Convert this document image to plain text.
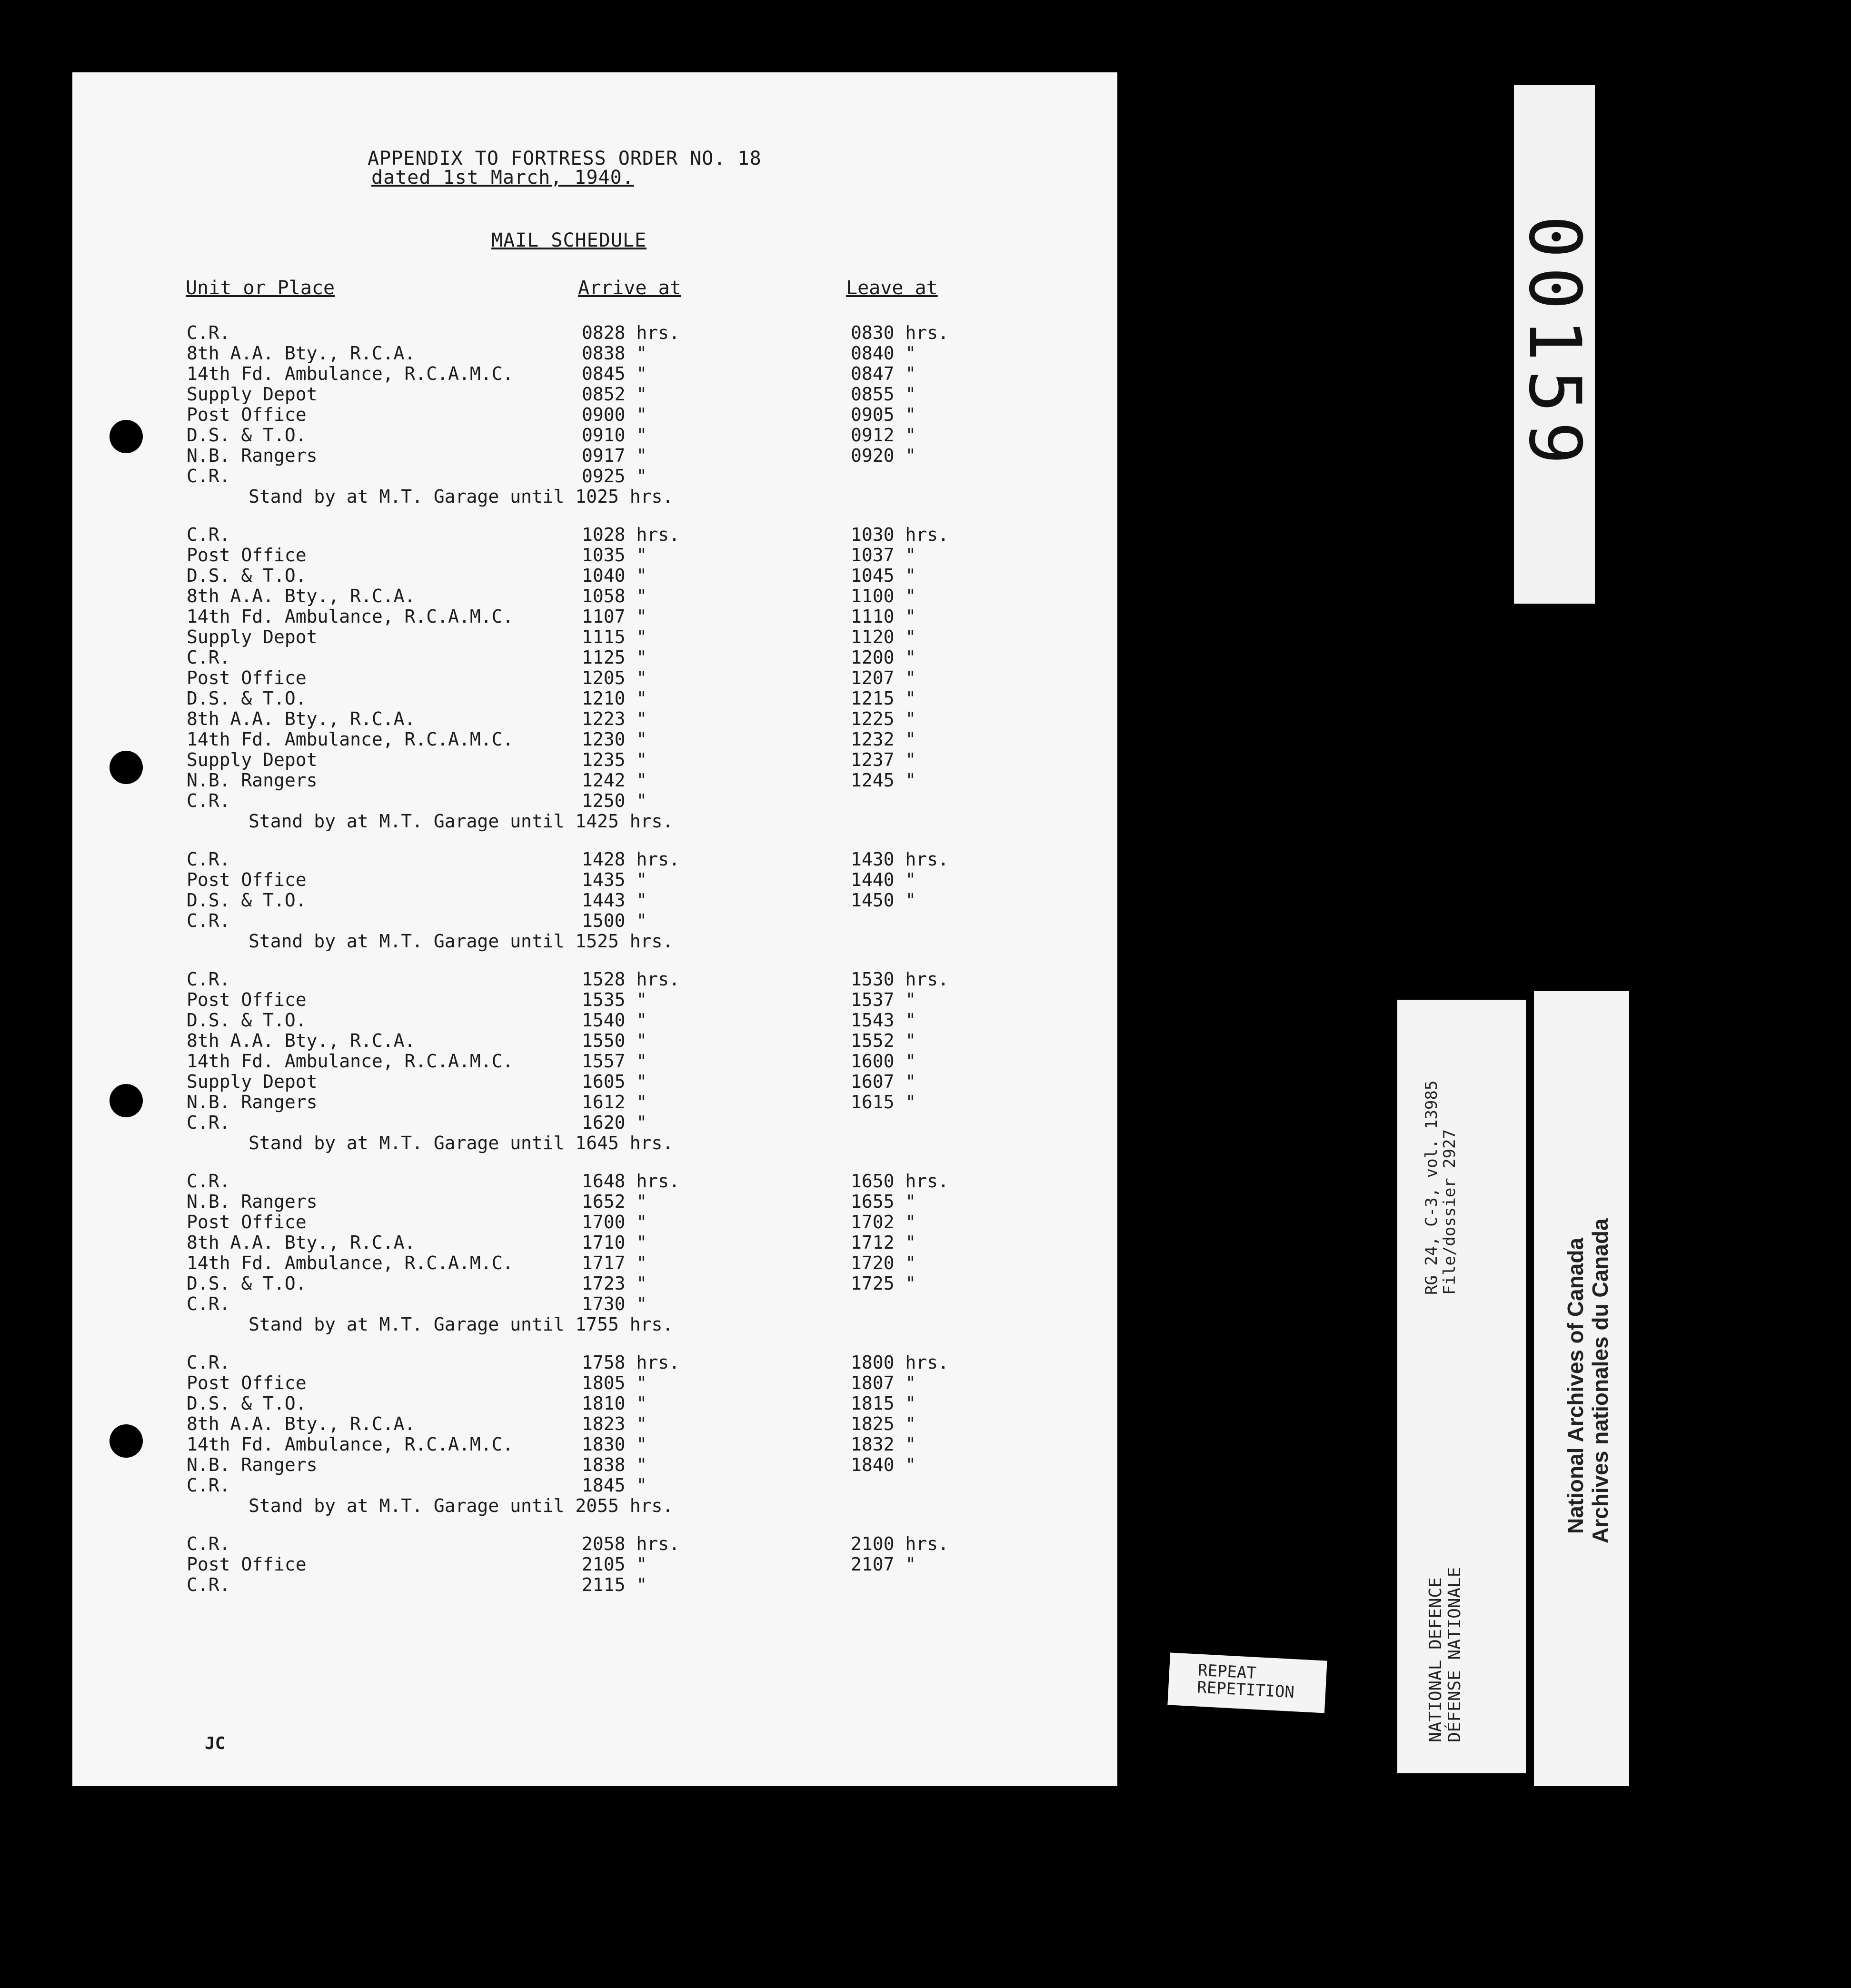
APPENDIX TO FORTRESS ORDER NO. 18
dated 1st March, 1940.
MAIL SCHEDULE
Unit or Place	Arrive at	Leave at
C.R.	0828 hrs.	0830 hrs.
8th A.A. Bty., R.C.A.	0838 "	0840 "
14th Fd. Ambulance, R.C.A.M.C.	0845 "	0847 "
Supply Depot	0852 "	0855 "
Post Office	0900 "	0905 "
D.S. & T.O.	0910 "	0912 "
N.B. Rangers	0917 "	0920 "
C.R.	0925 "
Stand by at M.T. Garage until 1025 hrs.
C.R.	1028 hrs.	1030 hrs.
Post Office	1035 "	1037 "
D.S. & T.O.	1040 "	1045 "
8th A.A. Bty., R.C.A.	1058 "	1100 "
14th Fd. Ambulance, R.C.A.M.C.	1107 "	1110 "
Supply Depot	1115 "	1120 "
C.R.	1125 "	1200 "
Post Office	1205 "	1207 "
D.S. & T.O.	1210 "	1215 "
8th A.A. Bty., R.C.A.	1223 "	1225 "
14th Fd. Ambulance, R.C.A.M.C.	1230 "	1232 "
Supply Depot	1235 "	1237 "
N.B. Rangers	1242 "	1245 "
C.R.	1250 "
Stand by at M.T. Garage until 1425 hrs.
C.R.	1428 hrs.	1430 hrs.
Post Office	1435 "	1440 "
D.S. & T.O.	1443 "	1450 "
C.R.	1500 "
Stand by at M.T. Garage until 1525 hrs.
C.R.	1528 hrs.	1530 hrs.
Post Office	1535 "	1537 "
D.S. & T.O.	1540 "	1543 "
8th A.A. Bty., R.C.A.	1550 "	1552 "
14th Fd. Ambulance, R.C.A.M.C.	1557 "	1600 "
Supply Depot	1605 "	1607 "
N.B. Rangers	1612 "	1615 "
C.R.	1620 "
Stand by at M.T. Garage until 1645 hrs.
C.R.	1648 hrs.	1650 hrs.
N.B. Rangers	1652 "	1655 "
Post Office	1700 "	1702 "
8th A.A. Bty., R.C.A.	1710 "	1712 "
14th Fd. Ambulance, R.C.A.M.C.	1717 "	1720 "
D.S. & T.O.	1723 "	1725 "
C.R.	1730 "
Stand by at M.T. Garage until 1755 hrs.
C.R.	1758 hrs.	1800 hrs.
Post Office	1805 "	1807 "
D.S. & T.O.	1810 "	1815 "
8th A.A. Bty., R.C.A.	1823 "	1825 "
14th Fd. Ambulance, R.C.A.M.C.	1830 "	1832 "
N.B. Rangers	1838 "	1840 "
C.R.	1845 "
Stand by at M.T. Garage until 2055 hrs.
C.R.	2058 hrs.	2100 hrs.
Post Office	2105 "	2107 "
C.R.	2115 "
JC
00159
RG 24, C-3, vol. 13985
File/dossier 2927
NATIONAL DEFENCE DÉFENSE NATIONALE
National Archives of Canada Archives nationales du Canada
REPEAT
REPETITION
